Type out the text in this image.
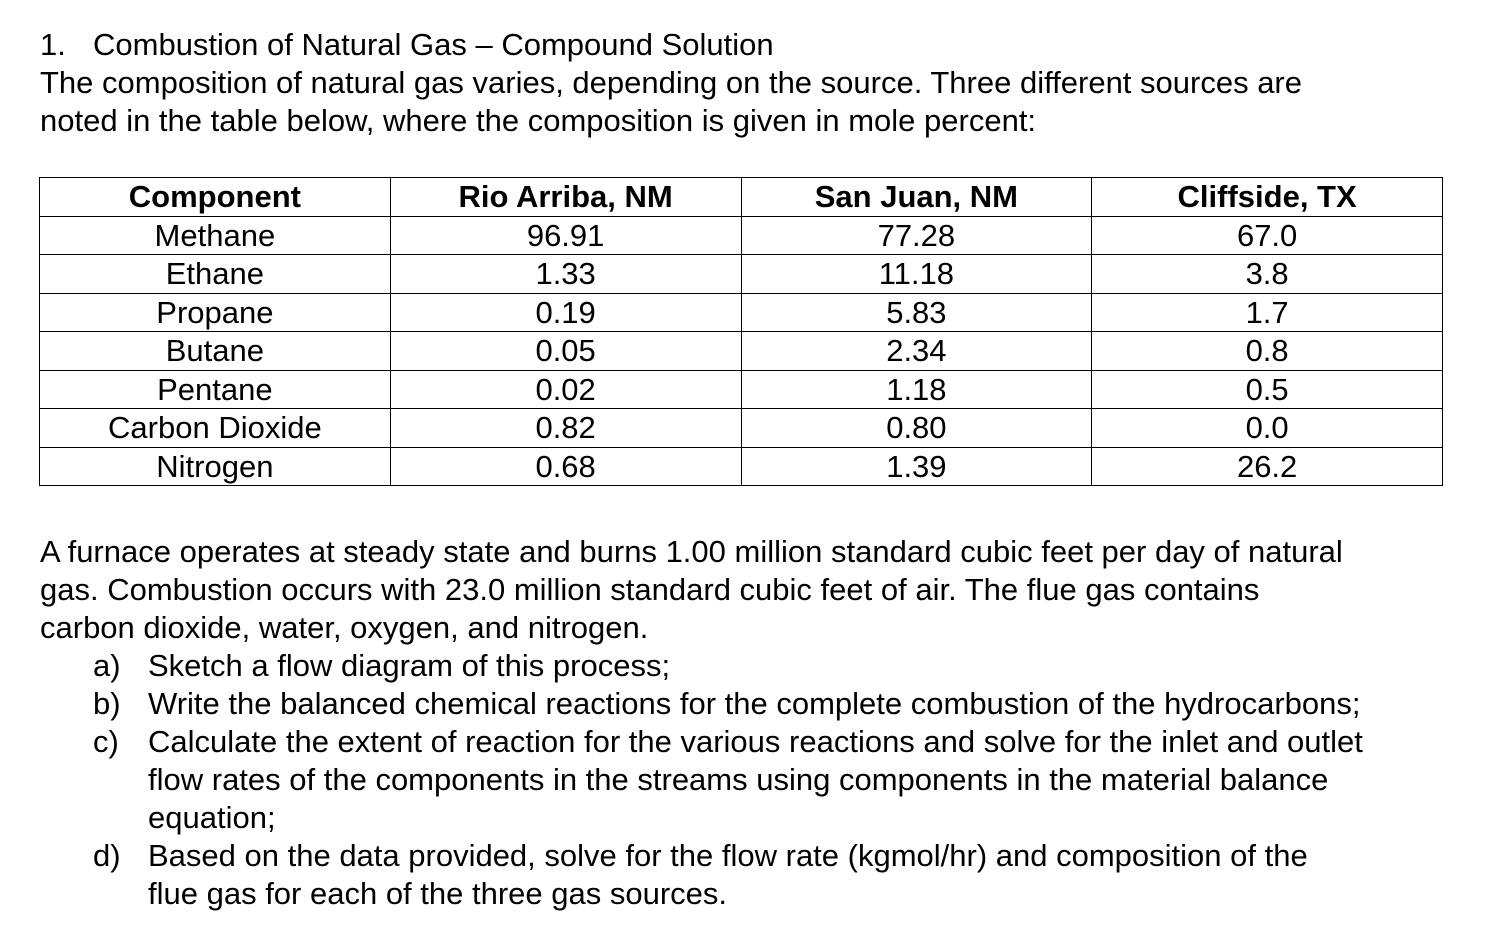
1. Combustion of Natural Gas – Compound Solution
The composition of natural gas varies, depending on the source. Three different sources are
noted in the table below, where the composition is given in mole percent:
Component	Rio Arriba, NM	San Juan, NM	Cliffside, TX
Methane	96.91	77.28	67.0
Ethane	1.33	11.18	3.8
Propane	0.19	5.83	1.7
Butane	0.05	2.34	0.8
Pentane	0.02	1.18	0.5
Carbon Dioxide	0.82	0.80	0.0
Nitrogen	0.68	1.39	26.2
A furnace operates at steady state and burns 1.00 million standard cubic feet per day of natural
gas. Combustion occurs with 23.0 million standard cubic feet of air. The flue gas contains
carbon dioxide, water, oxygen, and nitrogen.
a) Sketch a flow diagram of this process;
b) Write the balanced chemical reactions for the complete combustion of the hydrocarbons;
c) Calculate the extent of reaction for the various reactions and solve for the inlet and outlet
flow rates of the components in the streams using components in the material balance
equation;
d) Based on the data provided, solve for the flow rate (kgmol/hr) and composition of the
flue gas for each of the three gas sources.
